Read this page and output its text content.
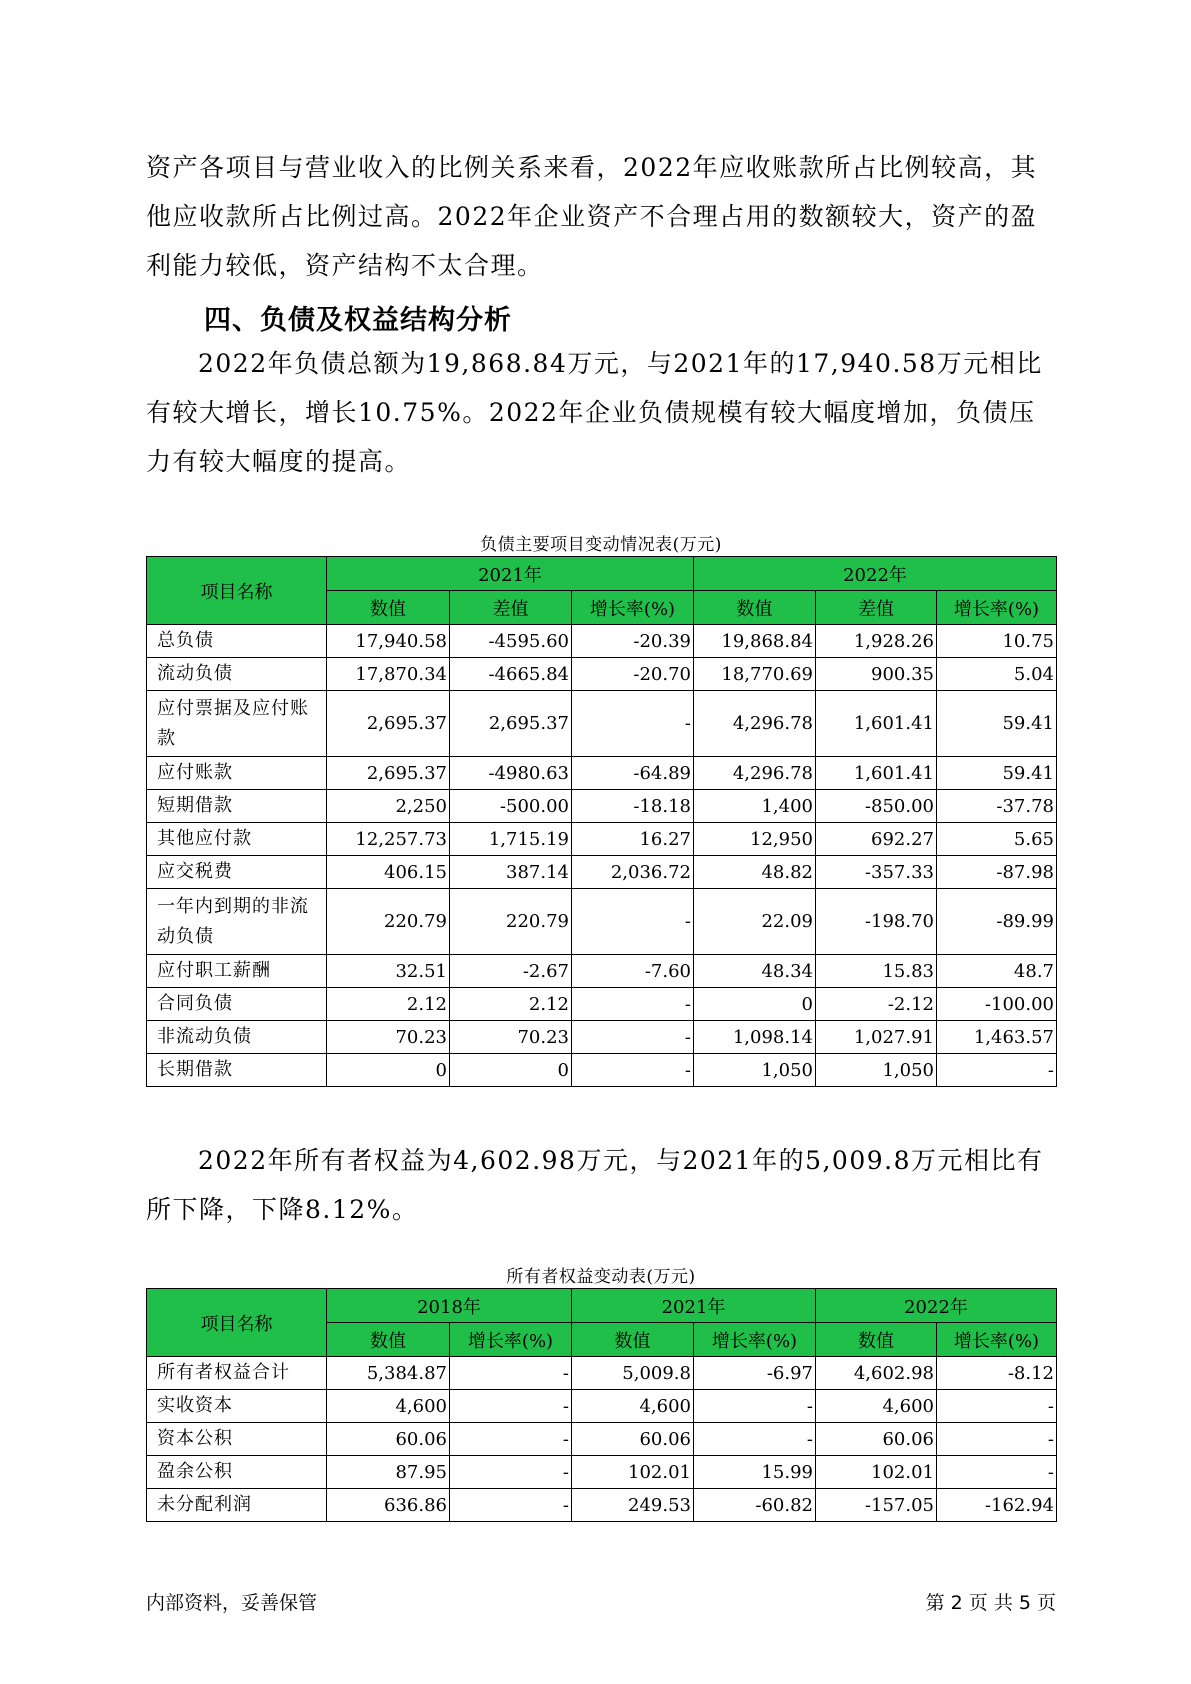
资产各项目与营业收入的比例关系来看，2022年应收账款所占比例较高，其他应收款所占比例过高。2022年企业资产不合理占用的数额较大，资产的盈利能力较低，资产结构不太合理。

四、负债及权益结构分析

2022年负债总额为19,868.84万元，与2021年的17,940.58万元相比有较大增长，增长10.75%。2022年企业负债规模有较大幅度增加，负债压力有较大幅度的提高。

负债主要项目变动情况表(万元)

项目名称	2021年			2022年		
	数值	差值	增长率(%)	数值	差值	增长率(%)
总负债	17,940.58	-4595.60	-20.39	19,868.84	1,928.26	10.75
流动负债	17,870.34	-4665.84	-20.70	18,770.69	900.35	5.04
应付票据及应付账款	2,695.37	2,695.37	-	4,296.78	1,601.41	59.41
应付账款	2,695.37	-4980.63	-64.89	4,296.78	1,601.41	59.41
短期借款	2,250	-500.00	-18.18	1,400	-850.00	-37.78
其他应付款	12,257.73	1,715.19	16.27	12,950	692.27	5.65
应交税费	406.15	387.14	2,036.72	48.82	-357.33	-87.98
一年内到期的非流动负债	220.79	220.79	-	22.09	-198.70	-89.99
应付职工薪酬	32.51	-2.67	-7.60	48.34	15.83	48.7
合同负债	2.12	2.12	-	0	-2.12	-100.00
非流动负债	70.23	70.23	-	1,098.14	1,027.91	1,463.57
长期借款	0	0	-	1,050	1,050	-

2022年所有者权益为4,602.98万元，与2021年的5,009.8万元相比有所下降，下降8.12%。

所有者权益变动表(万元)

项目名称	2018年		2021年		2022年	
	数值	增长率(%)	数值	增长率(%)	数值	增长率(%)
所有者权益合计	5,384.87	-	5,009.8	-6.97	4,602.98	-8.12
实收资本	4,600	-	4,600	-	4,600	-
资本公积	60.06	-	60.06	-	60.06	-
盈余公积	87.95	-	102.01	15.99	102.01	-
未分配利润	636.86	-	249.53	-60.82	-157.05	-162.94

内部资料，妥善保管	第 2 页 共 5 页
